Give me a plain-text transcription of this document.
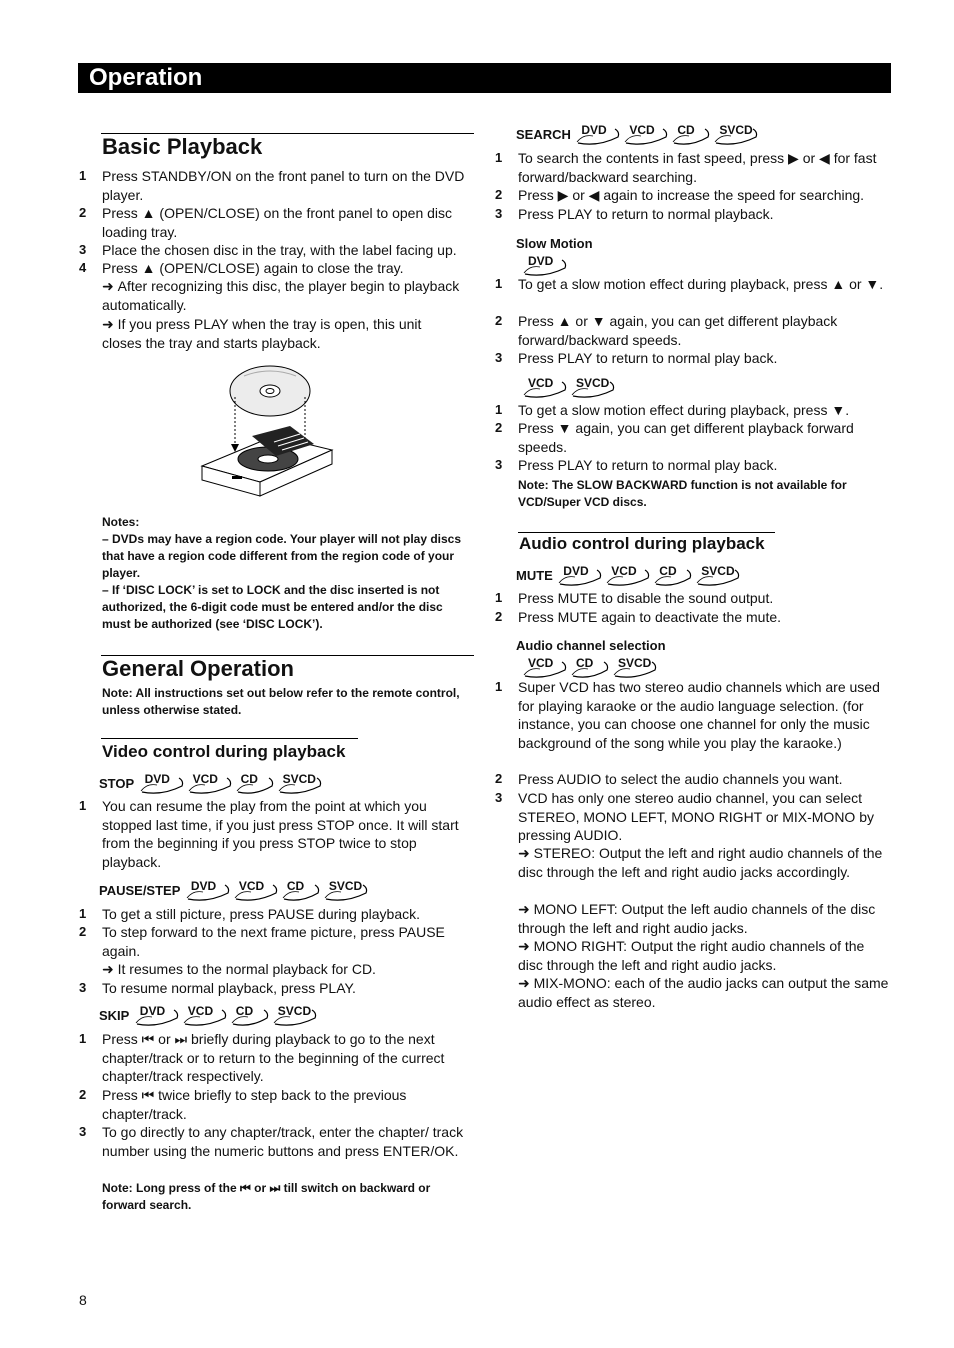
Operation
Basic Playback
1 Press STANDBY/ON on the front panel to turn on the DVD player.
2 Press ▲ (OPEN/CLOSE) on the front panel to open disc loading tray.
3 Place the chosen disc in the tray, with the label facing up.
4 Press ▲ (OPEN/CLOSE) again to close the tray.
➜ After recognizing this disc, the player begin to playback automatically.
➜ If you press PLAY when the tray is open, this unit closes the tray and starts playback.
Notes:
– DVDs may have a region code. Your player will not play discs that have a region code different from the region code of your player.
– If ‘DISC LOCK’ is set to LOCK and the disc inserted is not authorized, the 6-digit code must be entered and/or the disc must be authorized (see ‘DISC LOCK’).
General Operation
Note: All instructions set out below refer to the remote control, unless otherwise stated.
Video control during playback
STOP DVD VCD CD SVCD
1 You can resume the play from the point at which you stopped last time, if you just press STOP once. It will start from the beginning if you press STOP twice to stop playback.
PAUSE/STEP DVD VCD CD SVCD
1 To get a still picture, press PAUSE during playback.
2 To step forward to the next frame picture, press PAUSE again.
➜ It resumes to the normal playback for CD.
3 To resume normal playback, press PLAY.
SKIP DVD VCD CD SVCD
1 Press ⏮ or ⏭ briefly during playback to go to the next chapter/track or to return to the beginning of the currect chapter/track respectively.
2 Press ⏮ twice briefly to step back to the previous chapter/track.
3 To go directly to any chapter/track, enter the chapter/ track number using the numeric buttons and press ENTER/OK.
Note: Long press of the ⏮ or ⏭ till switch on backward or forward search.
SEARCH DVD VCD CD SVCD
1 To search the contents in fast speed, press ▶ or ◀ for fast forward/backward searching.
2 Press ▶ or ◀ again to increase the speed for searching.
3 Press PLAY to return to normal playback.
Slow Motion
DVD
1 To get a slow motion effect during playback, press ▲ or ▼.
2 Press ▲ or ▼ again, you can get different playback forward/backward speeds.
3 Press PLAY to return to normal play back.
VCD SVCD
1 To get a slow motion effect during playback, press ▼.
2 Press ▼ again, you can get different playback forward speeds.
3 Press PLAY to return to normal play back.
Note: The SLOW BACKWARD function is not available for VCD/Super VCD discs.
Audio control during playback
MUTE DVD VCD CD SVCD
1 Press MUTE to disable the sound output.
2 Press MUTE again to deactivate the mute.
Audio channel selection
VCD CD SVCD
1 Super VCD has two stereo audio channels which are used for playing karaoke or the audio language selection. (for instance, you can choose one channel for only the music background of the song while you play the karaoke.)
2 Press AUDIO to select the audio channels you want.
3 VCD has only one stereo audio channel, you can select STEREO, MONO LEFT, MONO RIGHT or MIX-MONO by pressing AUDIO.
➜ STEREO: Output the left and right audio channels of the disc through the left and right audio jacks accordingly.
➜ MONO LEFT: Output the left audio channels of the disc through the left and right audio jacks.
➜ MONO RIGHT: Output the right audio channels of the disc through the left and right audio jacks.
➜ MIX-MONO: each of the audio jacks can output the same audio effect as stereo.
8
